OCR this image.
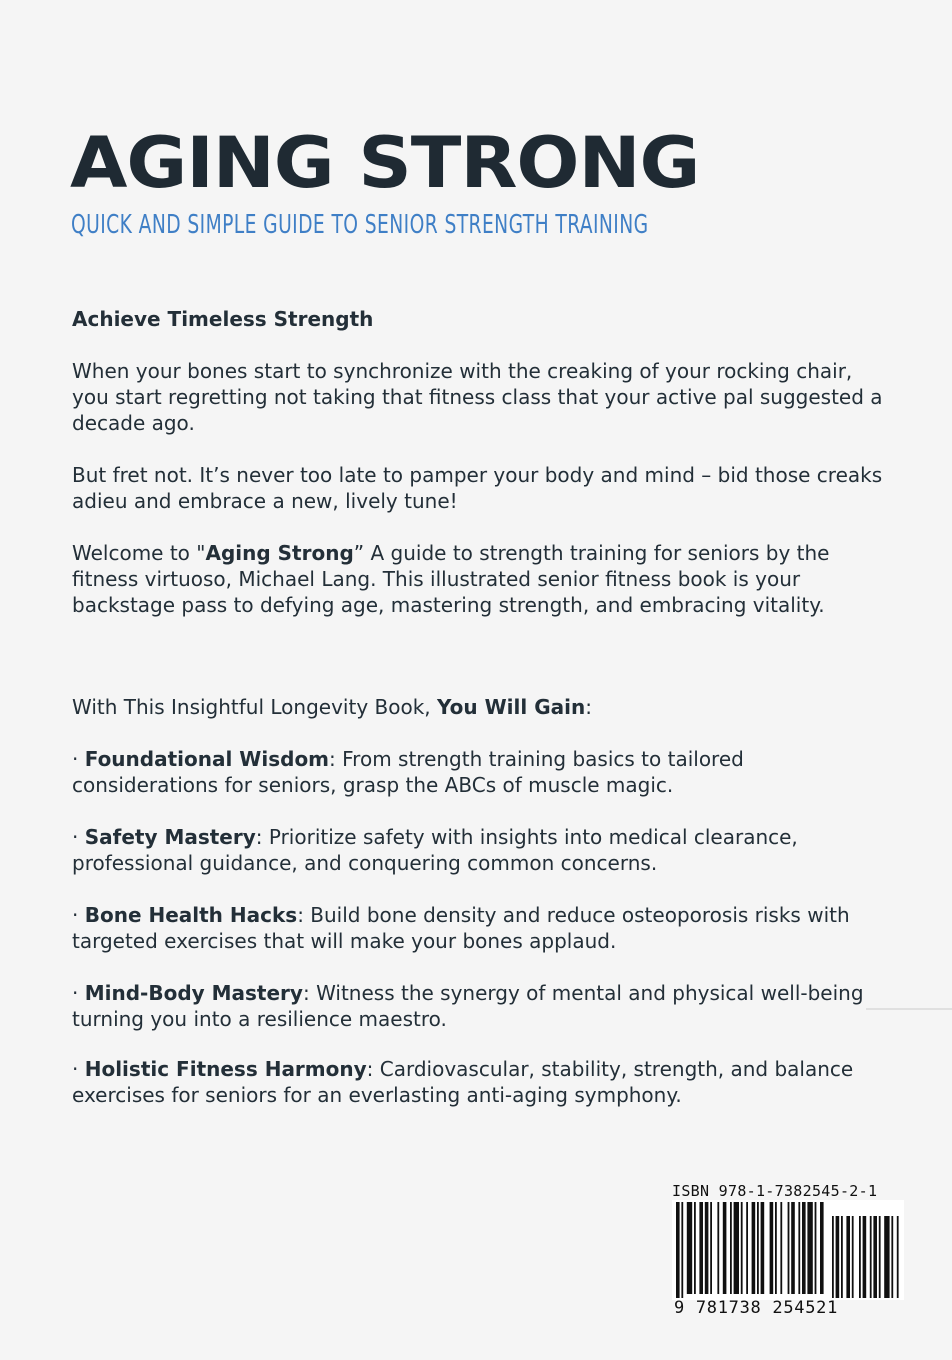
AGING STRONG
QUICK AND SIMPLE GUIDE TO SENIOR STRENGTH TRAINING

Achieve Timeless Strength

When your bones start to synchronize with the creaking of your rocking chair, you start regretting not taking that fitness class that your active pal suggested a decade ago.

But fret not. It’s never too late to pamper your body and mind – bid those creaks adieu and embrace a new, lively tune!

Welcome to "Aging Strong” A guide to strength training for seniors by the fitness virtuoso, Michael Lang. This illustrated senior fitness book is your backstage pass to defying age, mastering strength, and embracing vitality.

With This Insightful Longevity Book, You Will Gain:

· Foundational Wisdom: From strength training basics to tailored considerations for seniors, grasp the ABCs of muscle magic.

· Safety Mastery: Prioritize safety with insights into medical clearance, professional guidance, and conquering common concerns.

· Bone Health Hacks: Build bone density and reduce osteoporosis risks with targeted exercises that will make your bones applaud.

· Mind-Body Mastery: Witness the synergy of mental and physical well-being turning you into a resilience maestro.

· Holistic Fitness Harmony: Cardiovascular, stability, strength, and balance exercises for seniors for an everlasting anti-aging symphony.

ISBN 978-1-7382545-2-1
9 781738 254521
